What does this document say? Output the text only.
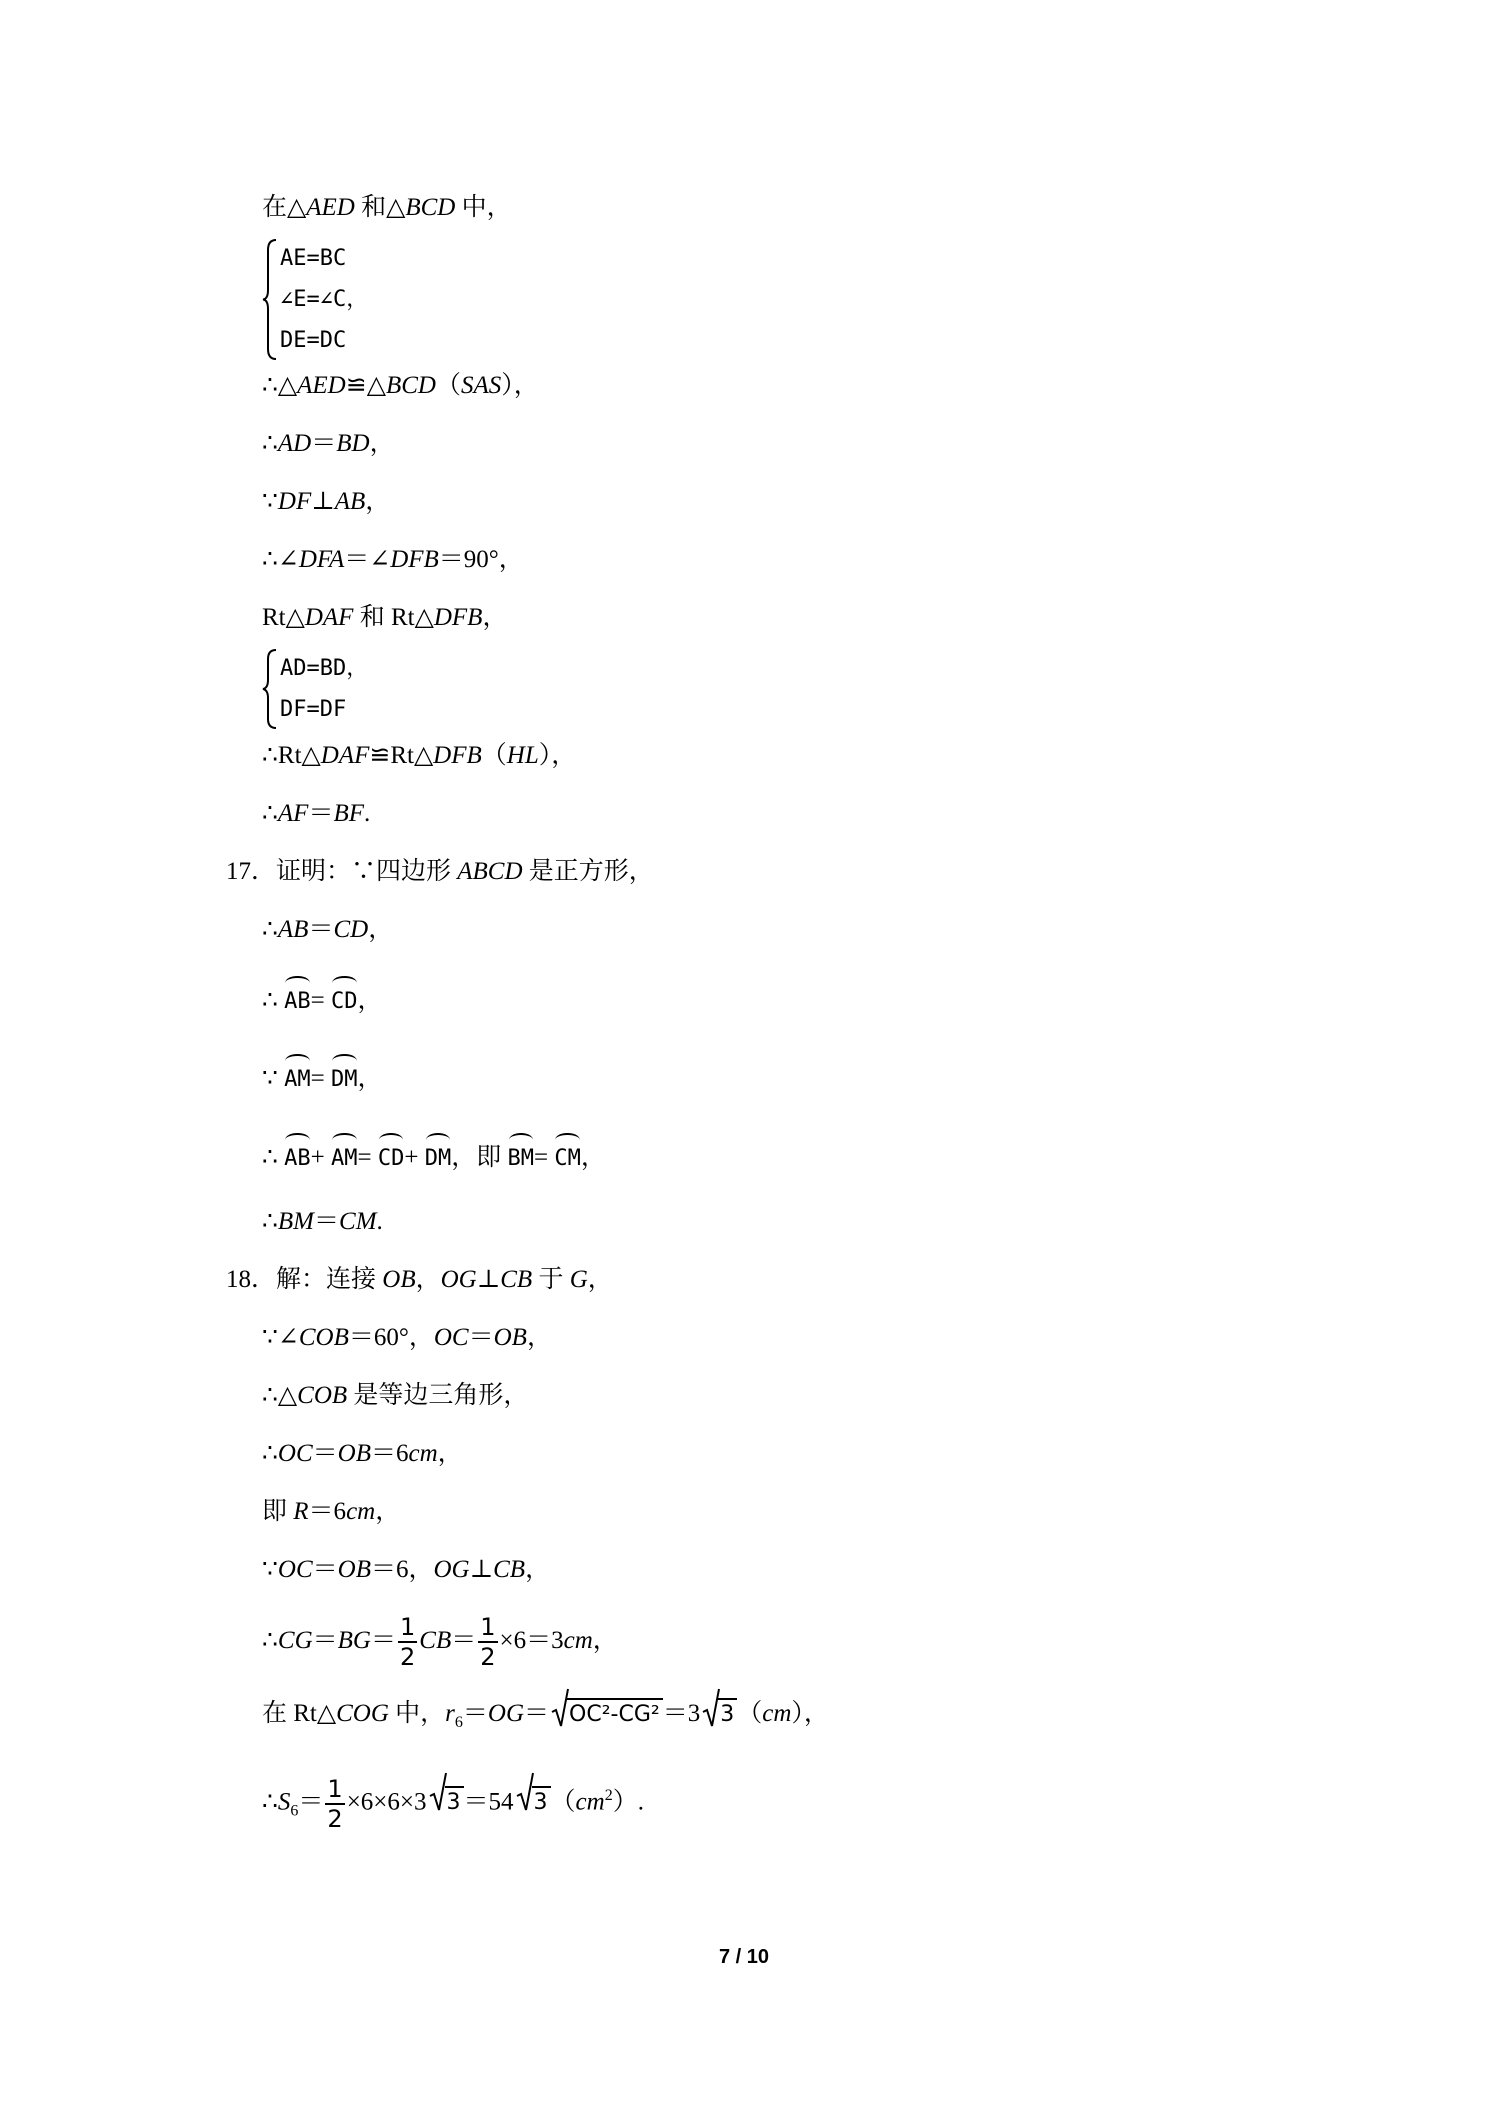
在△AED 和△BCD 中，
AE=BC
∠E=∠C，
DE=DC
∴△AED≌△BCD（SAS），
∴AD＝BD，
∵DF⊥AB，
∴∠DFA＝∠DFB＝90°，
Rt△DAF 和 Rt△DFB，
AD=BD，
DF=DF
∴Rt△DAF≌Rt△DFB（HL），
∴AF＝BF.
17．证明：∵四边形 ABCD 是正方形，
∴AB＝CD，
∴ AB= CD，
∵ AM= DM，
∴ AB+ AM= CD+ DM，即 BM= CM，
∴BM＝CM.
18．解：连接 OB，OG⊥CB 于 G，
∵∠COB＝60°，OC＝OB，
∴△COB 是等边三角形，
∴OC＝OB＝6cm，
即 R＝6cm，
∵OC＝OB＝6，OG⊥CB，
∴CG＝BG＝ $\frac{1}{2} CB= \frac{1}{2} \times 6=3cm$，
在 Rt△COG 中，$r_6=OG= OC^2-CG^2 =3$ 3 （cm），
$\therefore S_6= \frac{1}{2} \times 6\times 6\times 3$ 3 ＝54 3 $(cm^2)$.
7 / 10
